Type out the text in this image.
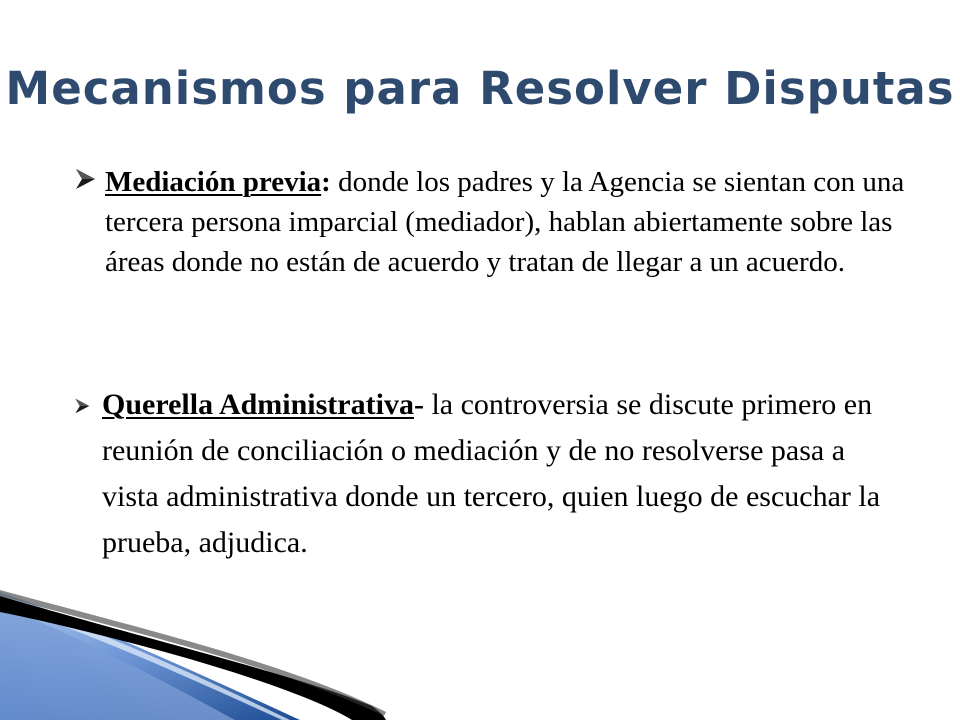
Mecanismos para Resolver Disputas

Mediación previa: donde los padres y la Agencia se sientan con una tercera persona imparcial (mediador), hablan abiertamente sobre las áreas donde no están de acuerdo y tratan de llegar a un acuerdo.

Querella Administrativa- la controversia se discute primero en reunión de conciliación o mediación y de no resolverse pasa a vista administrativa donde un tercero, quien luego de escuchar la prueba, adjudica.
